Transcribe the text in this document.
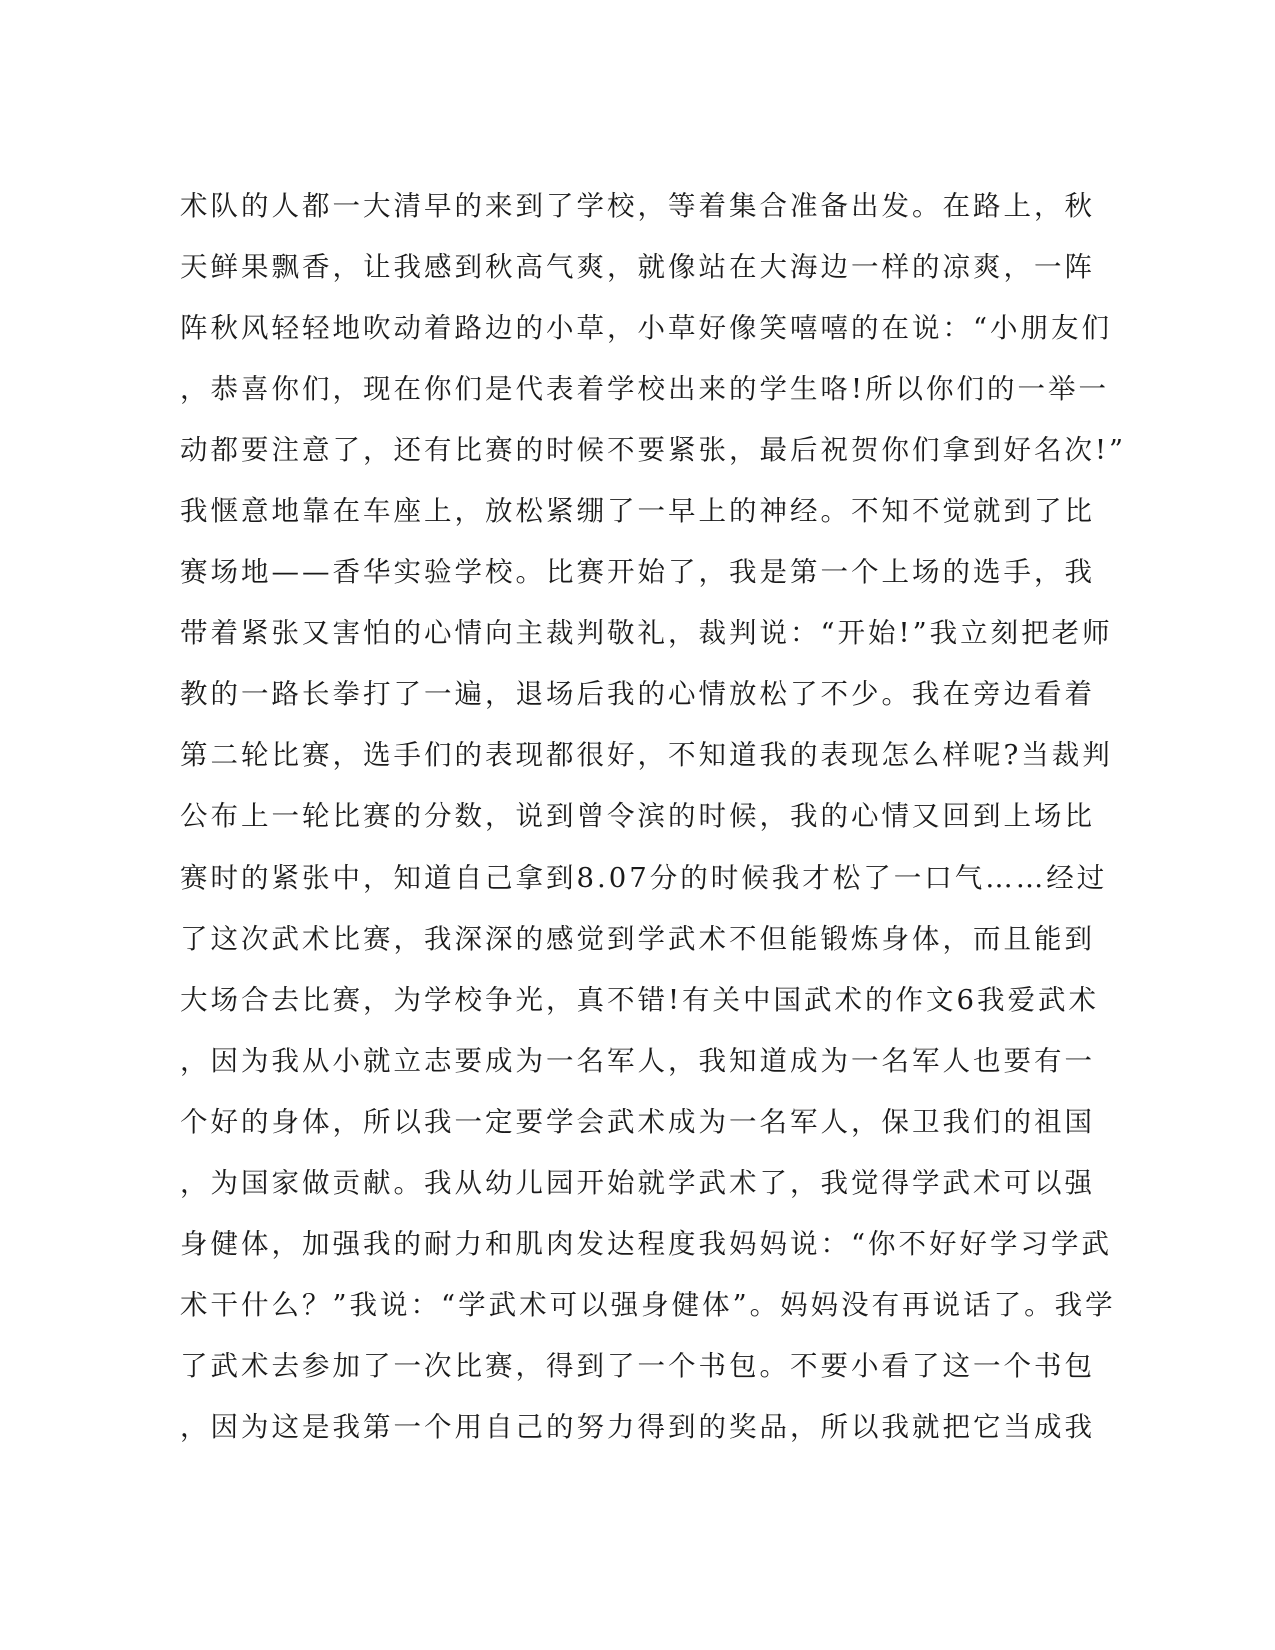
术队的人都一大清早的来到了学校，等着集合准备出发。在路上，秋
天鲜果飘香，让我感到秋高气爽，就像站在大海边一样的凉爽，一阵
阵秋风轻轻地吹动着路边的小草，小草好像笑嘻嘻的在说：“小朋友们
，恭喜你们，现在你们是代表着学校出来的学生咯!所以你们的一举一
动都要注意了，还有比赛的时候不要紧张，最后祝贺你们拿到好名次!”
我惬意地靠在车座上，放松紧绷了一早上的神经。不知不觉就到了比
赛场地——香华实验学校。比赛开始了，我是第一个上场的选手，我
带着紧张又害怕的心情向主裁判敬礼，裁判说：“开始!”我立刻把老师
教的一路长拳打了一遍，退场后我的心情放松了不少。我在旁边看着
第二轮比赛，选手们的表现都很好，不知道我的表现怎么样呢?当裁判
公布上一轮比赛的分数，说到曾令滨的时候，我的心情又回到上场比
赛时的紧张中，知道自己拿到8.07分的时候我才松了一口气……经过
了这次武术比赛，我深深的感觉到学武术不但能锻炼身体，而且能到
大场合去比赛，为学校争光，真不错!有关中国武术的作文6我爱武术
，因为我从小就立志要成为一名军人，我知道成为一名军人也要有一
个好的身体，所以我一定要学会武术成为一名军人，保卫我们的祖国
，为国家做贡献。我从幼儿园开始就学武术了，我觉得学武术可以强
身健体，加强我的耐力和肌肉发达程度我妈妈说：“你不好好学习学武
术干什么？”我说：“学武术可以强身健体”。妈妈没有再说话了。我学
了武术去参加了一次比赛，得到了一个书包。不要小看了这一个书包
，因为这是我第一个用自己的努力得到的奖品，所以我就把它当成我
